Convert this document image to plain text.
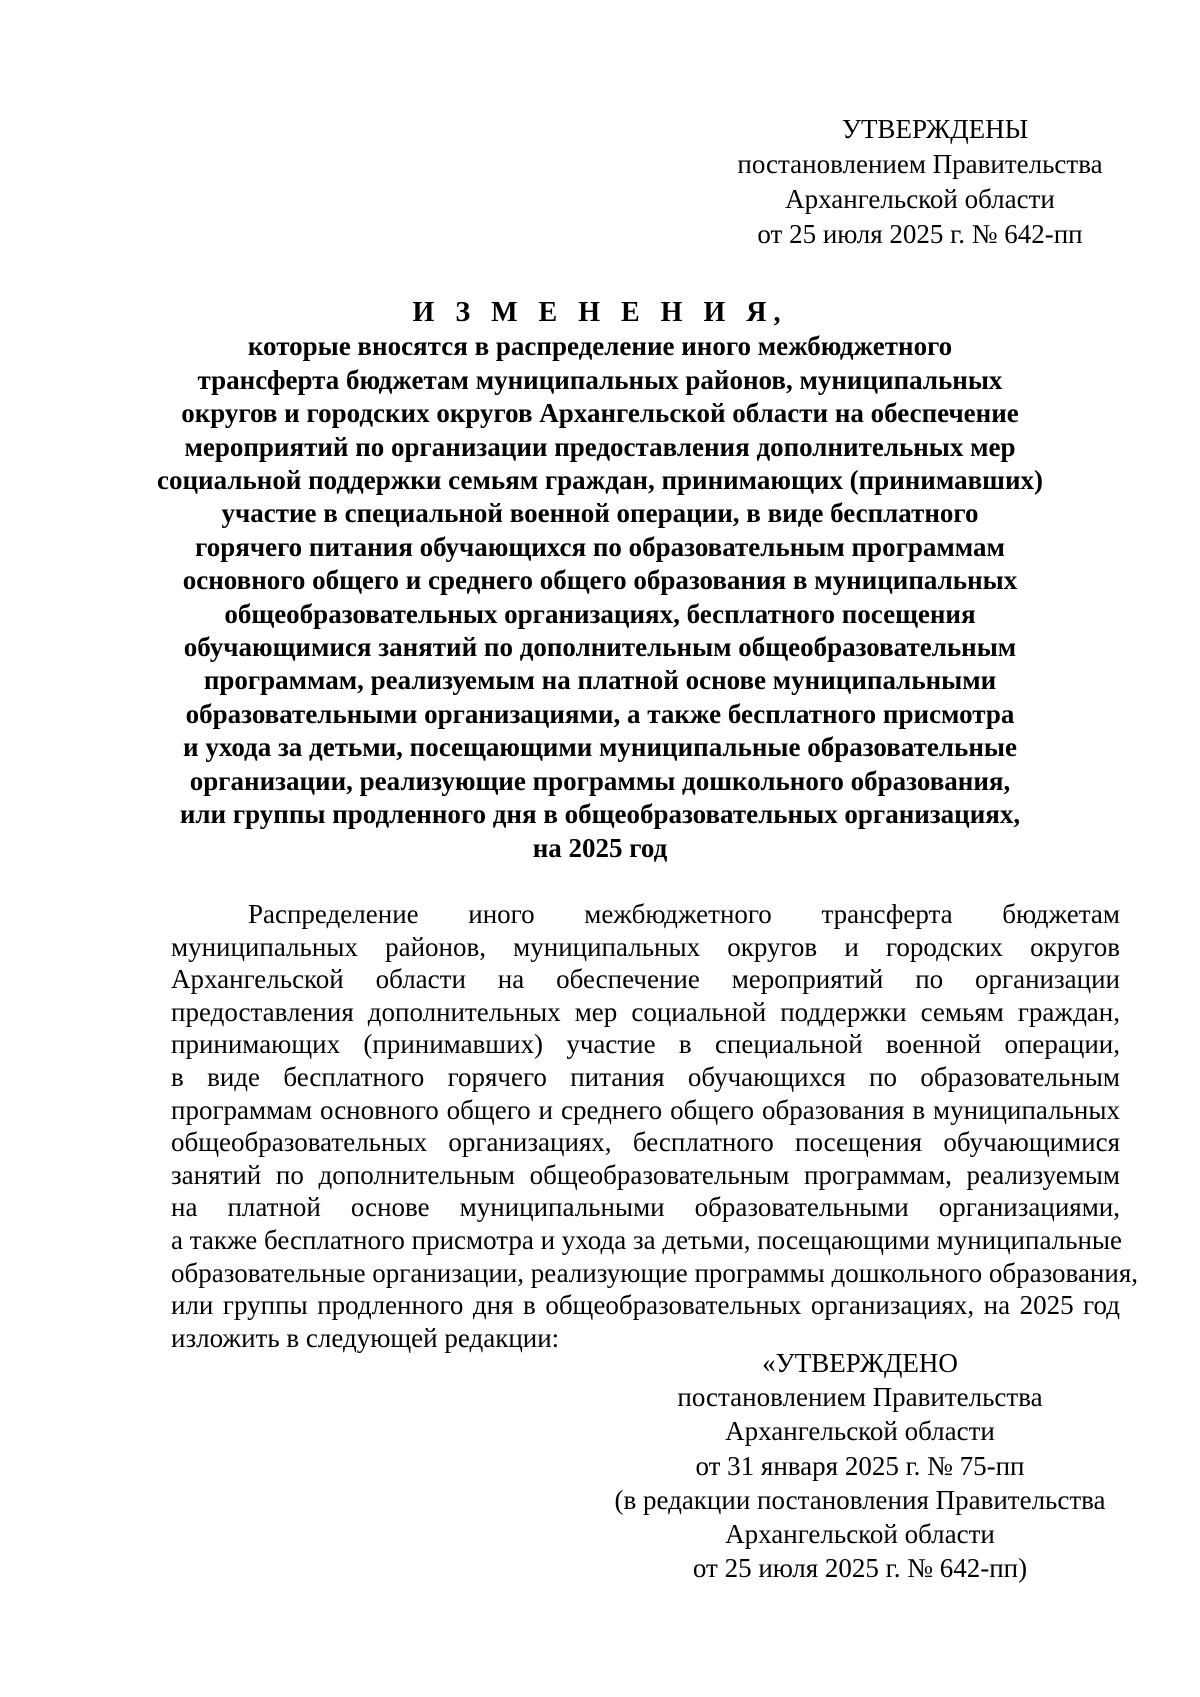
УТВЕРЖДЕНЫ
постановлением Правительства
Архангельской области
от 25 июля 2025 г. № 642-пп
И З М Е Н Е Н И Я,
которые вносятся в распределение иного межбюджетного
трансферта бюджетам муниципальных районов, муниципальных
округов и городских округов Архангельской области на обеспечение
мероприятий по организации предоставления дополнительных мер
социальной поддержки семьям граждан, принимающих (принимавших)
участие в специальной военной операции, в виде бесплатного
горячего питания обучающихся по образовательным программам
основного общего и среднего общего образования в муниципальных
общеобразовательных организациях, бесплатного посещения
обучающимися занятий по дополнительным общеобразовательным
программам, реализуемым на платной основе муниципальными
образовательными организациями, а также бесплатного присмотра
и ухода за детьми, посещающими муниципальные образовательные
организации, реализующие программы дошкольного образования,
или группы продленного дня в общеобразовательных организациях,
на 2025 год
Распределение иного межбюджетного трансферта бюджетам
муниципальных районов, муниципальных округов и городских округов
Архангельской области на обеспечение мероприятий по организации
предоставления дополнительных мер социальной поддержки семьям граждан,
принимающих (принимавших) участие в специальной военной операции,
в виде бесплатного горячего питания обучающихся по образовательным
программам основного общего и среднего общего образования в муниципальных
общеобразовательных организациях, бесплатного посещения обучающимися
занятий по дополнительным общеобразовательным программам, реализуемым
на платной основе муниципальными образовательными организациями,
а также бесплатного присмотра и ухода за детьми, посещающими муниципальные
образовательные организации, реализующие программы дошкольного образования,
или группы продленного дня в общеобразовательных организациях, на 2025 год
изложить в следующей редакции:
«УТВЕРЖДЕНО
постановлением Правительства
Архангельской области
от 31 января 2025 г. № 75-пп
(в редакции постановления Правительства
Архангельской области
от 25 июля 2025 г. № 642-пп)
